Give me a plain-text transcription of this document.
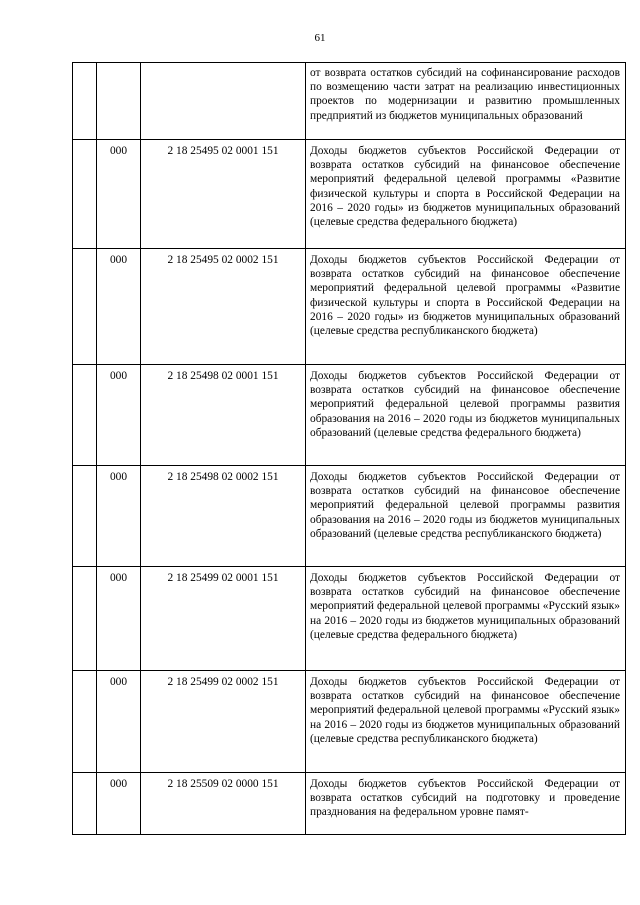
61

			от возврата остатков субсидий на софинансирование расходов по возмещению части затрат на реализацию инвестиционных проектов по модернизации и развитию промышленных предприятий из бюджетов муниципальных образований

	000	2 18 25495 02 0001 151	Доходы бюджетов субъектов Российской Федерации от возврата остатков субсидий на финансовое обеспечение мероприятий федеральной целевой программы «Развитие физической культуры и спорта в Российской Федерации на 2016 – 2020 годы» из бюджетов муниципальных образований (целевые средства федерального бюджета)

	000	2 18 25495 02 0002 151	Доходы бюджетов субъектов Российской Федерации от возврата остатков субсидий на финансовое обеспечение мероприятий федеральной целевой программы «Развитие физической культуры и спорта в Российской Федерации на 2016 – 2020 годы» из бюджетов муниципальных образований (целевые средства республиканского бюджета)

	000	2 18 25498 02 0001 151	Доходы бюджетов субъектов Российской Федерации от возврата остатков субсидий на финансовое обеспечение мероприятий федеральной целевой программы развития образования на 2016 – 2020 годы из бюджетов муниципальных образований (целевые средства федерального бюджета)

	000	2 18 25498 02 0002 151	Доходы бюджетов субъектов Российской Федерации от возврата остатков субсидий на финансовое обеспечение мероприятий федеральной целевой программы развития образования на 2016 – 2020 годы из бюджетов муниципальных образований (целевые средства республиканского бюджета)

	000	2 18 25499 02 0001 151	Доходы бюджетов субъектов Российской Федерации от возврата остатков субсидий на финансовое обеспечение мероприятий федеральной целевой программы «Русский язык» на 2016 – 2020 годы из бюджетов муниципальных образований (целевые средства федерального бюджета)

	000	2 18 25499 02 0002 151	Доходы бюджетов субъектов Российской Федерации от возврата остатков субсидий на финансовое обеспечение мероприятий федеральной целевой программы «Русский язык» на 2016 – 2020 годы из бюджетов муниципальных образований (целевые средства республиканского бюджета)

	000	2 18 25509 02 0000 151	Доходы бюджетов субъектов Российской Федерации от возврата остатков субсидий на подготовку и проведение празднования на федеральном уровне памят-
